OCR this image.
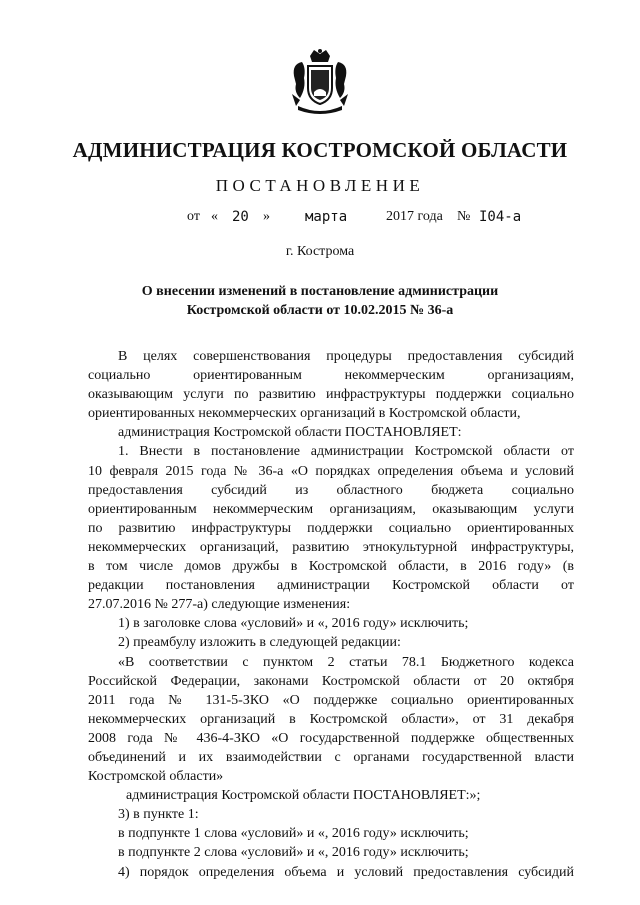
АДМИНИСТРАЦИЯ КОСТРОМСКОЙ ОБЛАСТИ
ПОСТАНОВЛЕНИЕ
от « 20 »	марта	2017 года № I04-а
г. Кострома
О внесении изменений в постановление администрации
Костромской области от 10.02.2015 № 36-а

В целях совершенствования процедуры предоставления субсидий

социально ориентированным некоммерческим организациям,

оказывающим услуги по развитию инфраструктуры поддержки социально

ориентированных некоммерческих организаций в Костромской области,

администрация Костромской области ПОСТАНОВЛЯЕТ:

1. Внести в постановление администрации Костромской области от

10 февраля 2015 года № 36-а «О порядках определения объема и условий

предоставления субсидий из областного бюджета социально

ориентированным некоммерческим организациям, оказывающим услуги

по развитию инфраструктуры поддержки социально ориентированных

некоммерческих организаций, развитию этнокультурной инфраструктуры,

в том числе домов дружбы в Костромской области, в 2016 году» (в

редакции постановления администрации Костромской области от

27.07.2016 № 277-а) следующие изменения:

1) в заголовке слова «условий» и «, 2016 году» исключить;

2) преамбулу изложить в следующей редакции:

«В соответствии с пунктом 2 статьи 78.1 Бюджетного кодекса

Российской Федерации, законами Костромской области от 20 октября

2011 года № 131-5-ЗКО «О поддержке социально ориентированных

некоммерческих организаций в Костромской области», от 31 декабря

2008 года № 436-4-ЗКО «О государственной поддержке общественных

объединений и их взаимодействии с органами государственной власти

Костромской области»

администрация Костромской области ПОСТАНОВЛЯЕТ:»;

3) в пункте 1:

в подпункте 1 слова «условий» и «, 2016 году» исключить;

в подпункте 2 слова «условий» и «, 2016 году» исключить;

4) порядок определения объема и условий предоставления субсидий
